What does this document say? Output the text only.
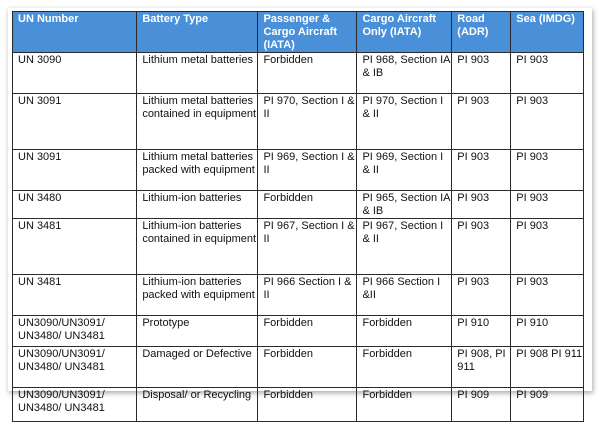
UN Number	Battery Type	Passenger & Cargo Aircraft (IATA)	Cargo Aircraft Only (IATA)	Road (ADR)	Sea (IMDG)
UN 3090	Lithium metal batteries	Forbidden	PI 968, Section IA & IB	PI 903	PI 903
UN 3091	Lithium metal batteries contained in equipment	PI 970, Section I & II	PI 970, Section I & II	PI 903	PI 903
UN 3091	Lithium metal batteries packed with equipment	PI 969, Section I & II	PI 969, Section I & II	PI 903	PI 903
UN 3480	Lithium-ion batteries	Forbidden	PI 965, Section IA & IB	PI 903	PI 903
UN 3481	Lithium-ion batteries contained in equipment	PI 967, Section I & II	PI 967, Section I & II	PI 903	PI 903
UN 3481	Lithium-ion batteries packed with equipment	PI 966 Section I & II	PI 966 Section I &II	PI 903	PI 903
UN3090/UN3091/ UN3480/ UN3481	Prototype	Forbidden	Forbidden	PI 910	PI 910
UN3090/UN3091/ UN3480/ UN3481	Damaged or Defective	Forbidden	Forbidden	PI 908, PI 911	PI 908 PI 911
UN3090/UN3091/ UN3480/ UN3481	Disposal/ or Recycling	Forbidden	Forbidden	PI 909	PI 909
